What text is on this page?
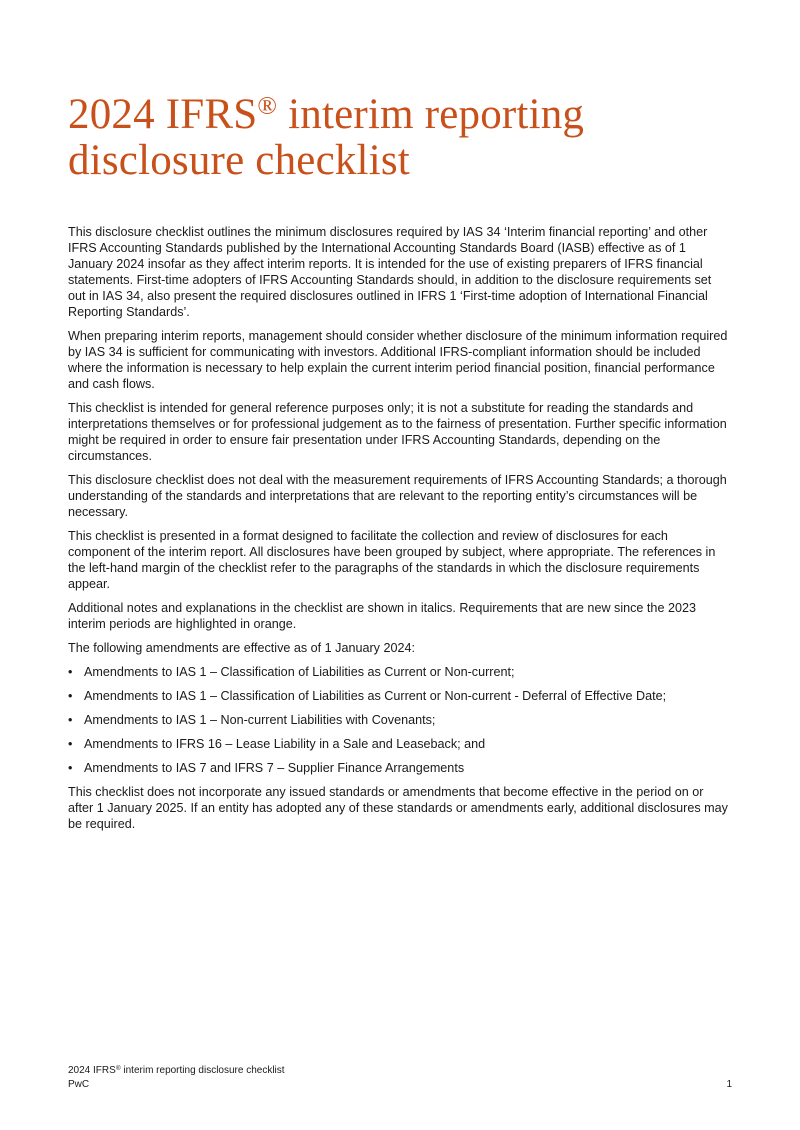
2024 IFRS® interim reporting disclosure checklist

This disclosure checklist outlines the minimum disclosures required by IAS 34 ‘Interim financial reporting’ and other IFRS Accounting Standards published by the International Accounting Standards Board (IASB) effective as of 1 January 2024 insofar as they affect interim reports. It is intended for the use of existing preparers of IFRS financial statements. First-time adopters of IFRS Accounting Standards should, in addition to the disclosure requirements set out in IAS 34, also present the required disclosures outlined in IFRS 1 ‘First-time adoption of International Financial Reporting Standards’.

When preparing interim reports, management should consider whether disclosure of the minimum information required by IAS 34 is sufficient for communicating with investors. Additional IFRS-compliant information should be included where the information is necessary to help explain the current interim period financial position, financial performance and cash flows.

This checklist is intended for general reference purposes only; it is not a substitute for reading the standards and interpretations themselves or for professional judgement as to the fairness of presentation. Further specific information might be required in order to ensure fair presentation under IFRS Accounting Standards, depending on the circumstances.

This disclosure checklist does not deal with the measurement requirements of IFRS Accounting Standards; a thorough understanding of the standards and interpretations that are relevant to the reporting entity’s circumstances will be necessary.

This checklist is presented in a format designed to facilitate the collection and review of disclosures for each component of the interim report. All disclosures have been grouped by subject, where appropriate. The references in the left-hand margin of the checklist refer to the paragraphs of the standards in which the disclosure requirements appear.

Additional notes and explanations in the checklist are shown in italics. Requirements that are new since the 2023 interim periods are highlighted in orange.

The following amendments are effective as of 1 January 2024:

• Amendments to IAS 1 – Classification of Liabilities as Current or Non-current;
• Amendments to IAS 1 – Classification of Liabilities as Current or Non-current - Deferral of Effective Date;
• Amendments to IAS 1 – Non-current Liabilities with Covenants;
• Amendments to IFRS 16 – Lease Liability in a Sale and Leaseback; and
• Amendments to IAS 7 and IFRS 7 – Supplier Finance Arrangements

This checklist does not incorporate any issued standards or amendments that become effective in the period on or after 1 January 2025. If an entity has adopted any of these standards or amendments early, additional disclosures may be required.

2024 IFRS® interim reporting disclosure checklist
PwC	1
